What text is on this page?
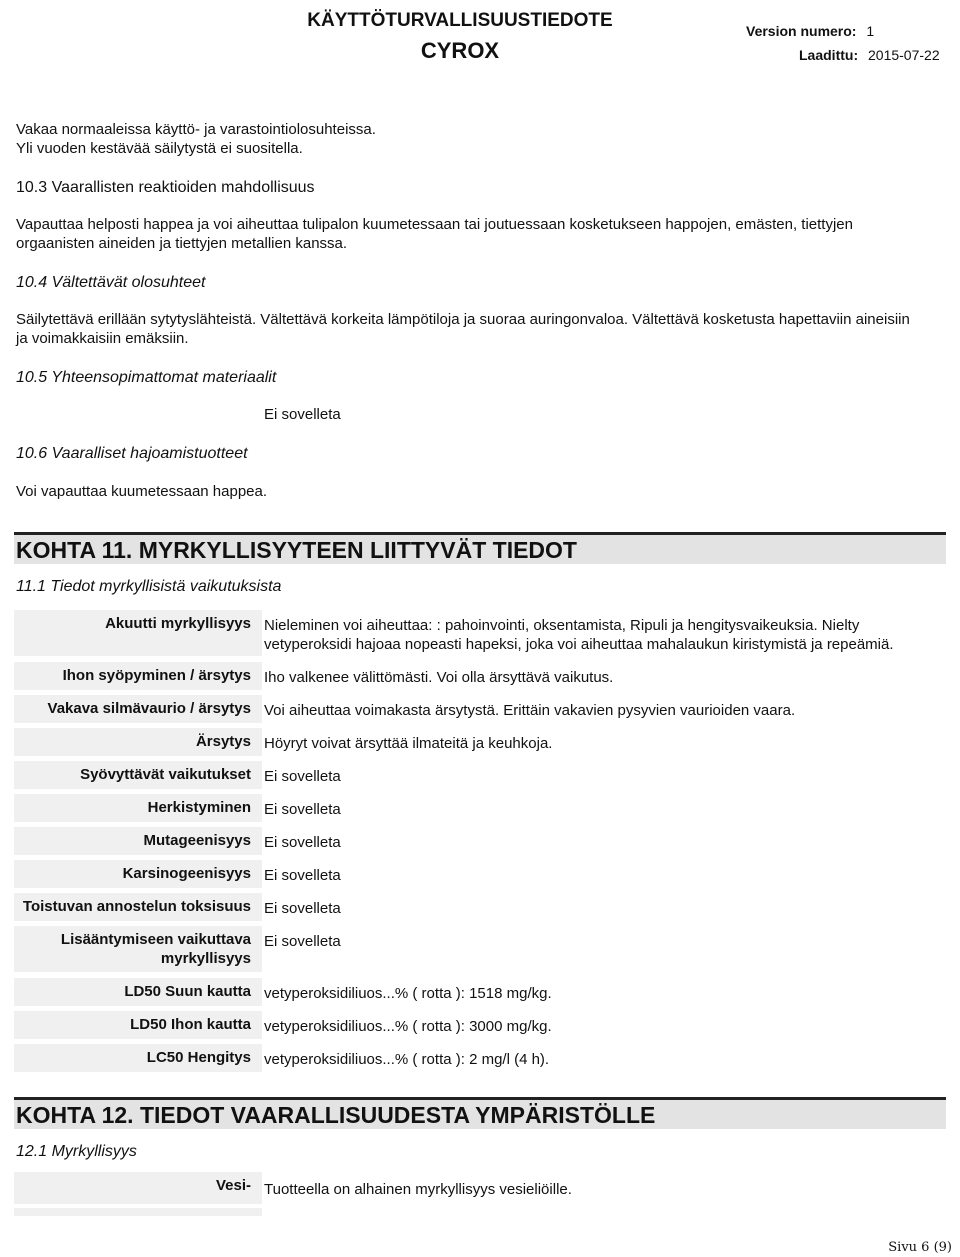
KÄYTTÖTURVALLISUUSTIEDOTE
CYROX
Version numero: 1
Laadittu: 2015-07-22
Vakaa normaaleissa käyttö- ja varastointiolosuhteissa.
Yli vuoden kestävää säilytystä ei suositella.
10.3 Vaarallisten reaktioiden mahdollisuus
Vapauttaa helposti happea ja voi aiheuttaa tulipalon kuumetessaan tai joutuessaan kosketukseen happojen, emästen, tiettyjen
orgaanisten aineiden ja tiettyjen metallien kanssa.
10.4 Vältettävät olosuhteet
Säilytettävä erillään sytytyslähteistä. Vältettävä korkeita lämpötiloja ja suoraa auringonvaloa. Vältettävä kosketusta hapettaviin aineisiin
ja voimakkaisiin emäksiin.
10.5 Yhteensopimattomat materiaalit
Ei sovelleta
10.6 Vaaralliset hajoamistuotteet
Voi vapauttaa kuumetessaan happea.
KOHTA 11. MYRKYLLISYYTEEN LIITTYVÄT TIEDOT
11.1 Tiedot myrkyllisistä vaikutuksista
Akuutti myrkyllisyys Nieleminen voi aiheuttaa: : pahoinvointi, oksentamista, Ripuli ja hengitysvaikeuksia. Nielty
vetyperoksidi hajoaa nopeasti hapeksi, joka voi aiheuttaa mahalaukun kiristymistä ja repeämiä.
Ihon syöpyminen / ärsytys Iho valkenee välittömästi. Voi olla ärsyttävä vaikutus.
Vakava silmävaurio / ärsytys Voi aiheuttaa voimakasta ärsytystä. Erittäin vakavien pysyvien vaurioiden vaara.
Ärsytys Höyryt voivat ärsyttää ilmateitä ja keuhkoja.
Syövyttävät vaikutukset Ei sovelleta
Herkistyminen Ei sovelleta
Mutageenisyys Ei sovelleta
Karsinogeenisyys Ei sovelleta
Toistuvan annostelun toksisuus Ei sovelleta
Lisääntymiseen vaikuttava
myrkyllisyys
Ei sovelleta
LD50 Suun kautta vetyperoksidiliuos...% ( rotta ): 1518 mg/kg.
LD50 Ihon kautta vetyperoksidiliuos...% ( rotta ): 3000 mg/kg.
LC50 Hengitys vetyperoksidiliuos...% ( rotta ): 2 mg/l (4 h).
KOHTA 12. TIEDOT VAARALLISUUDESTA YMPÄRISTÖLLE
12.1 Myrkyllisyys
Vesi- Tuotteella on alhainen myrkyllisyys vesieliöille.
Sivu 6 (9)
